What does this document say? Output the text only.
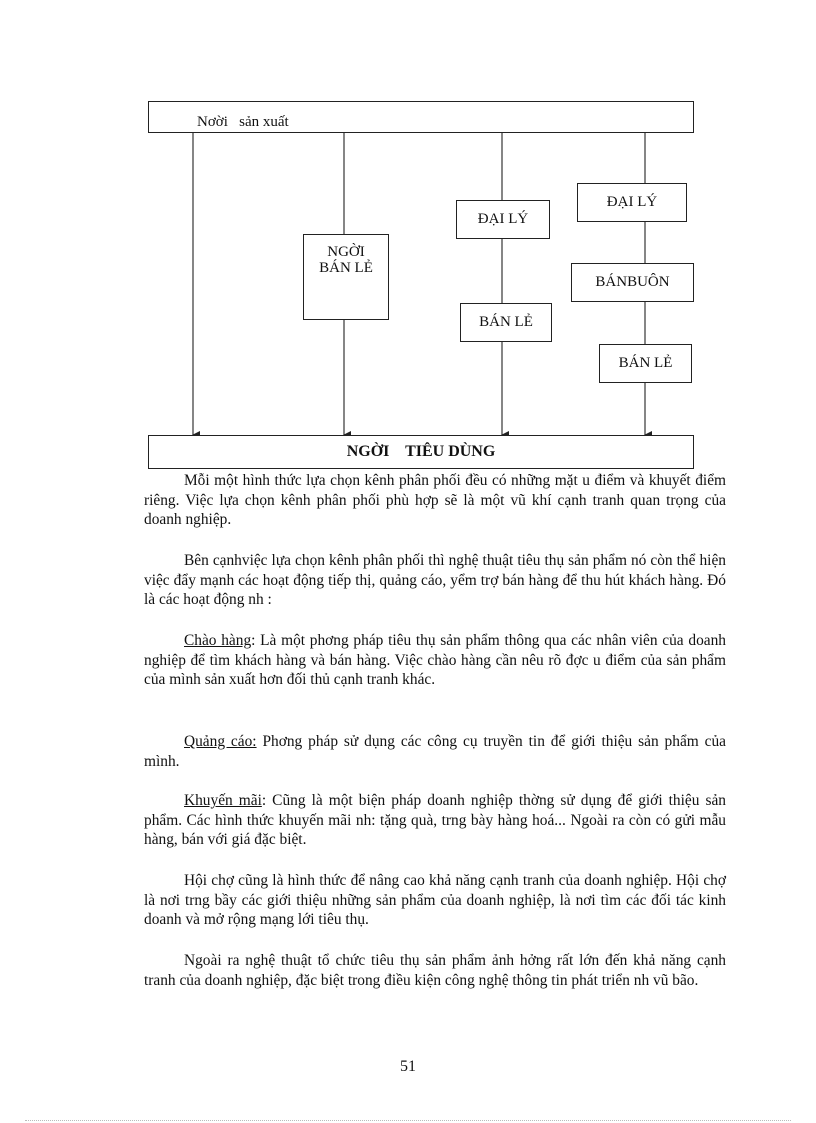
Nơời   sản xuất
NGỜI
BÁN LẺ
ĐẠI LÝ
BÁN LẺ
ĐẠI LÝ
BÁNBUÔN
BÁN LẺ
NGỜI    TIÊU DÙNG

Mỗi một hình thức lựa chọn kênh phân phối đều có những mặt u điểm và khuyết điểm riêng. Việc lựa chọn kênh phân phối phù hợp sẽ là một vũ khí cạnh tranh quan trọng của doanh nghiệp.

Bên cạnhviệc lựa chọn kênh phân phối thì nghệ thuật tiêu thụ sản phẩm nó còn thể hiện việc đẩy mạnh các hoạt động tiếp thị, quảng cáo, yểm trợ bán hàng để thu hút khách hàng. Đó là các hoạt động nh :

Chào hàng: Là một phơng pháp tiêu thụ sản phẩm thông qua các nhân viên của doanh nghiệp để tìm khách hàng và bán hàng. Việc chào hàng cần nêu rõ đợc u điểm của sản phẩm của mình sản xuất hơn đối thủ cạnh tranh khác.

Quảng cáo: Phơng pháp sử dụng các công cụ truyền tin để giới thiệu sản phẩm của mình.

Khuyến mãi: Cũng là một biện pháp doanh nghiệp thờng sử dụng để giới thiệu sản phẩm. Các hình thức khuyến mãi nh: tặng quà, trng bày hàng hoá... Ngoài ra còn có gửi mẫu hàng, bán với giá đặc biệt.

Hội chợ cũng là hình thức để nâng cao khả năng cạnh tranh của doanh nghiệp. Hội chợ là nơi trng bầy các giới thiệu những sản phẩm của doanh nghiệp, là nơi tìm các đối tác kinh doanh và mở rộng mạng lới tiêu thụ.

Ngoài ra nghệ thuật tổ chức tiêu thụ sản phẩm ảnh hởng rất lớn đến khả năng cạnh tranh của doanh nghiệp, đặc biệt trong điều kiện công nghệ thông tin phát triển nh vũ bão.

51
